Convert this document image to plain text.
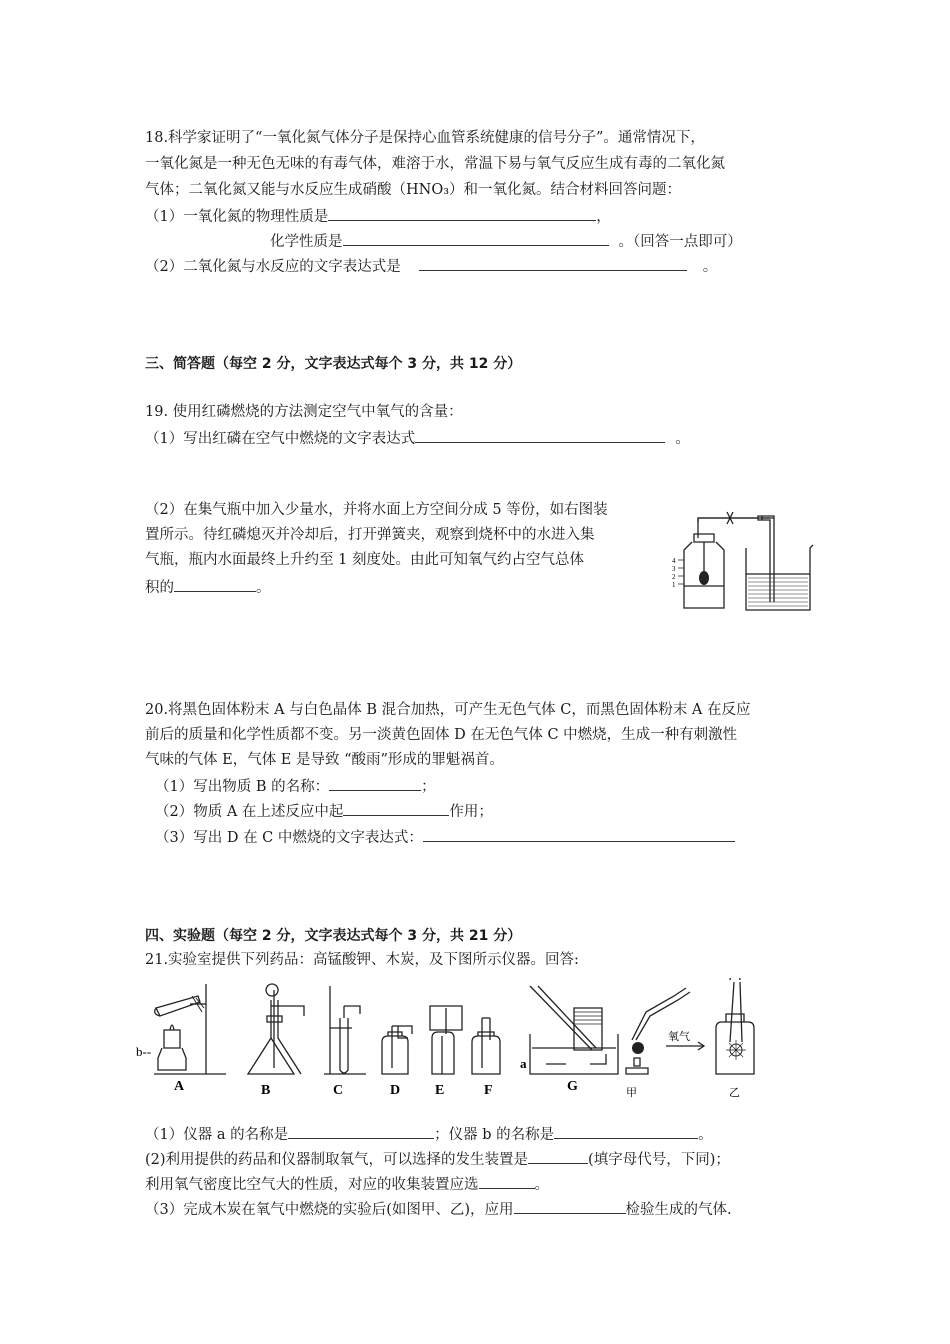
18.科学家证明了“一氧化氮气体分子是保持心血管系统健康的信号分子”。通常情况下，
一氧化氮是一种无色无味的有毒气体，难溶于水，常温下易与氧气反应生成有毒的二氧化氮
气体；二氧化氮又能与水反应生成硝酸（HNO₃）和一氧化氮。结合材料回答问题：
（1）一氧化氮的物理性质是	，
化学性质是	。（回答一点即可）
（2）二氧化氮与水反应的文字表达式是	。
三、简答题（每空 2 分，文字表达式每个 3 分，共 12 分）
19. 使用红磷燃烧的方法测定空气中氧气的含量：
（1）写出红磷在空气中燃烧的文字表达式	。
（2）在集气瓶中加入少量水，并将水面上方空间分成 5 等份，如右图装
置所示。待红磷熄灭并冷却后，打开弹簧夹，观察到烧杯中的水进入集
气瓶，瓶内水面最终上升约至 1 刻度处。由此可知氧气约占空气总体
积的	。
4
3
2
1
20.将黑色固体粉末 A 与白色晶体 B 混合加热，可产生无色气体 C，而黑色固体粉末 A 在反应
前后的质量和化学性质都不变。另一淡黄色固体 D 在无色气体 C 中燃烧，生成一种有刺激性
气味的气体 E，气体 E 是导致 “酸雨”形成的罪魁祸首。
（1）写出物质 B 的名称：	；
（2）物质 A 在上述反应中起	作用；
（3）写出 D 在 C 中燃烧的文字表达式：
四、实验题（每空 2 分，文字表达式每个 3 分，共 21 分）
21.实验室提供下列药品：高锰酸钾、木炭，及下图所示仪器。回答:
b--
a
氧气
A	B	C	D E	F	G	甲	乙
（1）仪器 a 的名称是	；仪器 b 的名称是	。
(2)利用提供的药品和仪器制取氧气，可以选择的发生装置是	(填字母代号，下同)；
利用氧气密度比空气大的性质，对应的收集装置应选	。
（3）完成木炭在氧气中燃烧的实验后(如图甲、乙)，应用	检验生成的气体.
